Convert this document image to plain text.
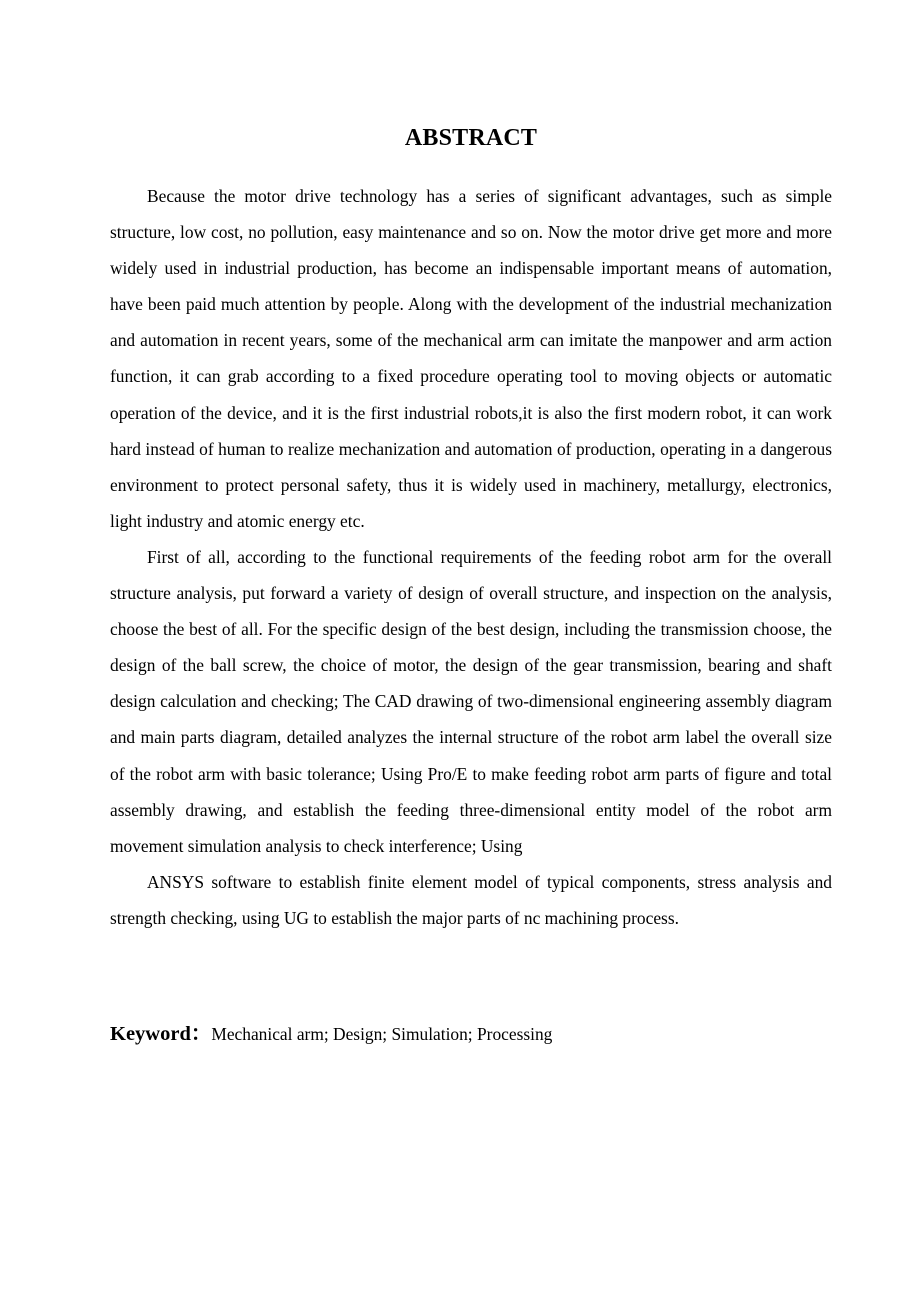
ABSTRACT

Because the motor drive technology has a series of significant advantages, such as simple structure, low cost, no pollution, easy maintenance and so on. Now the motor drive get more and more widely used in industrial production, has become an indispensable important means of automation, have been paid much attention by people. Along with the development of the industrial mechanization and automation in recent years, some of the mechanical arm can imitate the manpower and arm action function, it can grab according to a fixed procedure operating tool to moving objects or automatic operation of the device, and it is the first industrial robots,it is also the first modern robot, it can work hard instead of human to realize mechanization and automation of production, operating in a dangerous environment to protect personal safety, thus it is widely used in machinery, metallurgy, electronics, light industry and atomic energy etc.

First of all, according to the functional requirements of the feeding robot arm for the overall structure analysis, put forward a variety of design of overall structure, and inspection on the analysis, choose the best of all. For the specific design of the best design, including the transmission choose, the design of the ball screw, the choice of motor, the design of the gear transmission, bearing and shaft design calculation and checking; The CAD drawing of two-dimensional engineering assembly diagram and main parts diagram, detailed analyzes the internal structure of the robot arm label the overall size of the robot arm with basic tolerance; Using Pro/E to make feeding robot arm parts of figure and total assembly drawing, and establish the feeding three-dimensional entity model of the robot arm movement simulation analysis to check interference; Using

ANSYS software to establish finite element model of typical components, stress analysis and strength checking, using UG to establish the major parts of nc machining process.

Keyword：Mechanical arm; Design; Simulation; Processing
